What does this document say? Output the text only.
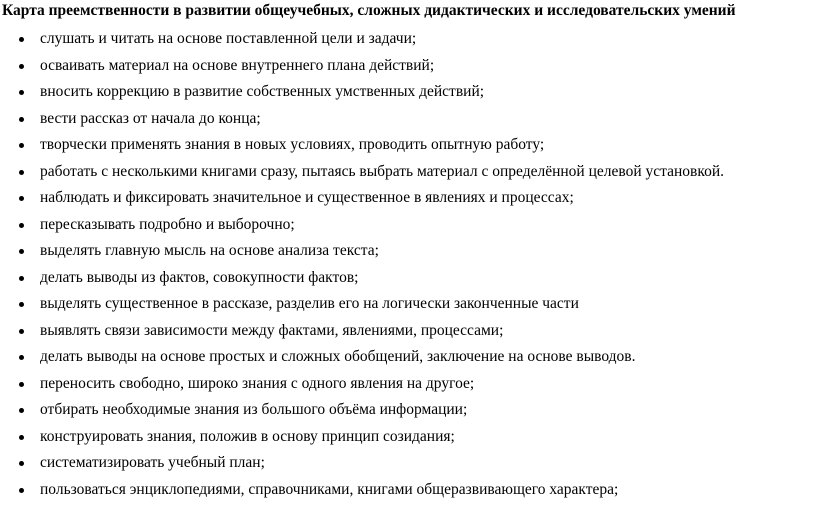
Карта преемственности в развитии общеучебных, сложных дидактических и исследовательских умений
слушать и читать на основе поставленной цели и задачи;
осваивать материал на основе внутреннего плана действий;
вносить коррекцию в развитие собственных умственных действий;
вести рассказ от начала до конца;
творчески применять знания в новых условиях, проводить опытную работу;
работать с несколькими книгами сразу, пытаясь выбрать материал с определённой целевой установкой.
наблюдать и фиксировать значительное и существенное в явлениях и процессах;
пересказывать подробно и выборочно;
выделять главную мысль на основе анализа текста;
делать выводы из фактов, совокупности фактов;
выделять существенное в рассказе, разделив его на логически законченные части
выявлять связи зависимости между фактами, явлениями, процессами;
делать выводы на основе простых и сложных обобщений, заключение на основе выводов.
переносить свободно, широко знания с одного явления на другое;
отбирать необходимые знания из большого объёма информации;
конструировать знания, положив в основу принцип созидания;
систематизировать учебный план;
пользоваться энциклопедиями, справочниками, книгами общеразвивающего характера;
